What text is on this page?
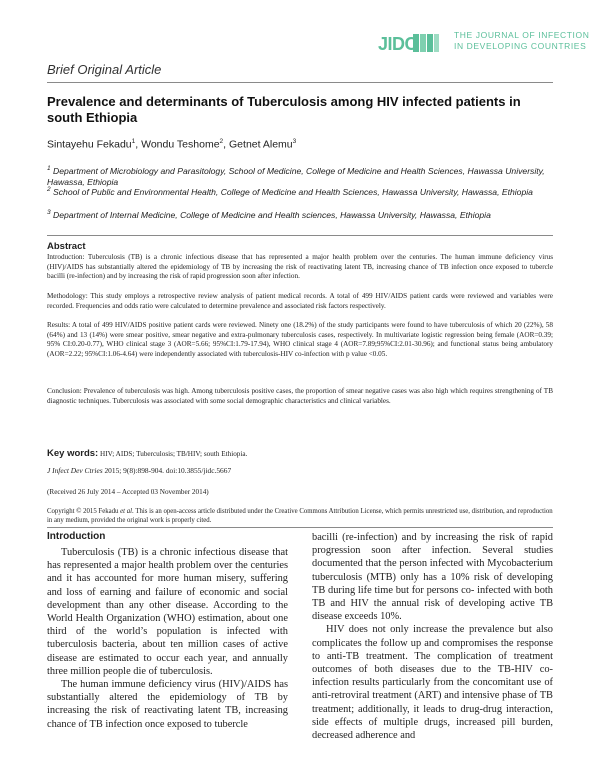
JIDC	THE JOURNAL OF INFECTION
IN DEVELOPING COUNTRIES
Brief Original Article
Prevalence and determinants of Tuberculosis among HIV infected patients in south Ethiopia
Sintayehu Fekadu$^1$, Wondu Teshome$^2$, Getnet Alemu$^3$
$^1$ Department of Microbiology and Parasitology, School of Medicine, College of Medicine and Health Sciences, Hawassa University, Hawassa, Ethiopia
$^2$ School of Public and Environmental Health, College of Medicine and Health Sciences, Hawassa University, Hawassa, Ethiopia
$^3$ Department of Internal Medicine, College of Medicine and Health sciences, Hawassa University, Hawassa, Ethiopia
Abstract
Introduction: Tuberculosis (TB) is a chronic infectious disease that has represented a major health problem over the centuries. The human immune deficiency virus (HIV)/AIDS has substantially altered the epidemiology of TB by increasing the risk of reactivating latent TB, increasing chance of TB infection once exposed to tubercle bacilli (re-infection) and by increasing the risk of rapid progression soon after infection.
Methodology: This study employs a retrospective review analysis of patient medical records. A total of 499 HIV/AIDS patient cards were reviewed and variables were recorded. Frequencies and odds ratio were calculated to determine prevalence and associated risk factors respectively.
Results: A total of 499 HIV/AIDS positive patient cards were reviewed. Ninety one (18.2%) of the study participants were found to have tuberculosis of which 20 (22%), 58 (64%) and 13 (14%) were smear positive, smear negative and extra-pulmonary tuberculosis cases, respectively. In multivariate logistic regression being female (AOR=0.39; 95% CI:0.20-0.77), WHO clinical stage 3 (AOR=5.66; 95%CI:1.79-17.94), WHO clinical stage 4 (AOR=7.89;95%CI:2.01-30.96); and functional status being ambulatory (AOR=2.22; 95%CI:1.06-4.64) were independently associated with tuberculosis-HIV co-infection with p value <0.05.
Conclusion: Prevalence of tuberculosis was high. Among tuberculosis positive cases, the proportion of smear negative cases was also high which requires strengthening of TB diagnostic techniques. Tuberculosis was associated with some social demographic characteristics and clinical variables.
Key words: HIV; AIDS; Tuberculosis; TB/HIV; south Ethiopia.
J Infect Dev Ctries 2015; 9(8):898-904. doi:10.3855/jidc.5667
(Received 26 July 2014 – Accepted 03 November 2014)
Copyright © 2015 Fekadu et al. This is an open-access article distributed under the Creative Commons Attribution License, which permits unrestricted use, distribution, and reproduction in any medium, provided the original work is properly cited.
Introduction

Tuberculosis (TB) is a chronic infectious disease that has represented a major health problem over the centuries and it has accounted for more human misery, suffering and loss of earning and failure of economic and social development than any other disease. According to the World Health Organization (WHO) estimation, about one third of the world’s population is infected with tuberculosis bacteria, about ten million cases of active disease are estimated to occur each year, and annually three million people die of tuberculosis.

The human immune deficiency virus (HIV)/AIDS has substantially altered the epidemiology of TB by increasing the risk of reactivating latent TB, increasing chance of TB infection once exposed to tubercle

bacilli (re-infection) and by increasing the risk of rapid progression soon after infection. Several studies documented that the person infected with Mycobacterium tuberculosis (MTB) only has a 10% risk of developing TB during life time but for persons co- infected with both TB and HIV the annual risk of developing active TB disease exceeds 10%.

HIV does not only increase the prevalence but also complicates the follow up and compromises the response to anti-TB treatment. The complication of treatment outcomes of both diseases due to the TB-HIV co-infection results particularly from the concomitant use of anti-retroviral treatment (ART) and intensive phase of TB treatment; additionally, it leads to drug-drug interaction, side effects of multiple drugs, increased pill burden, decreased adherence and
